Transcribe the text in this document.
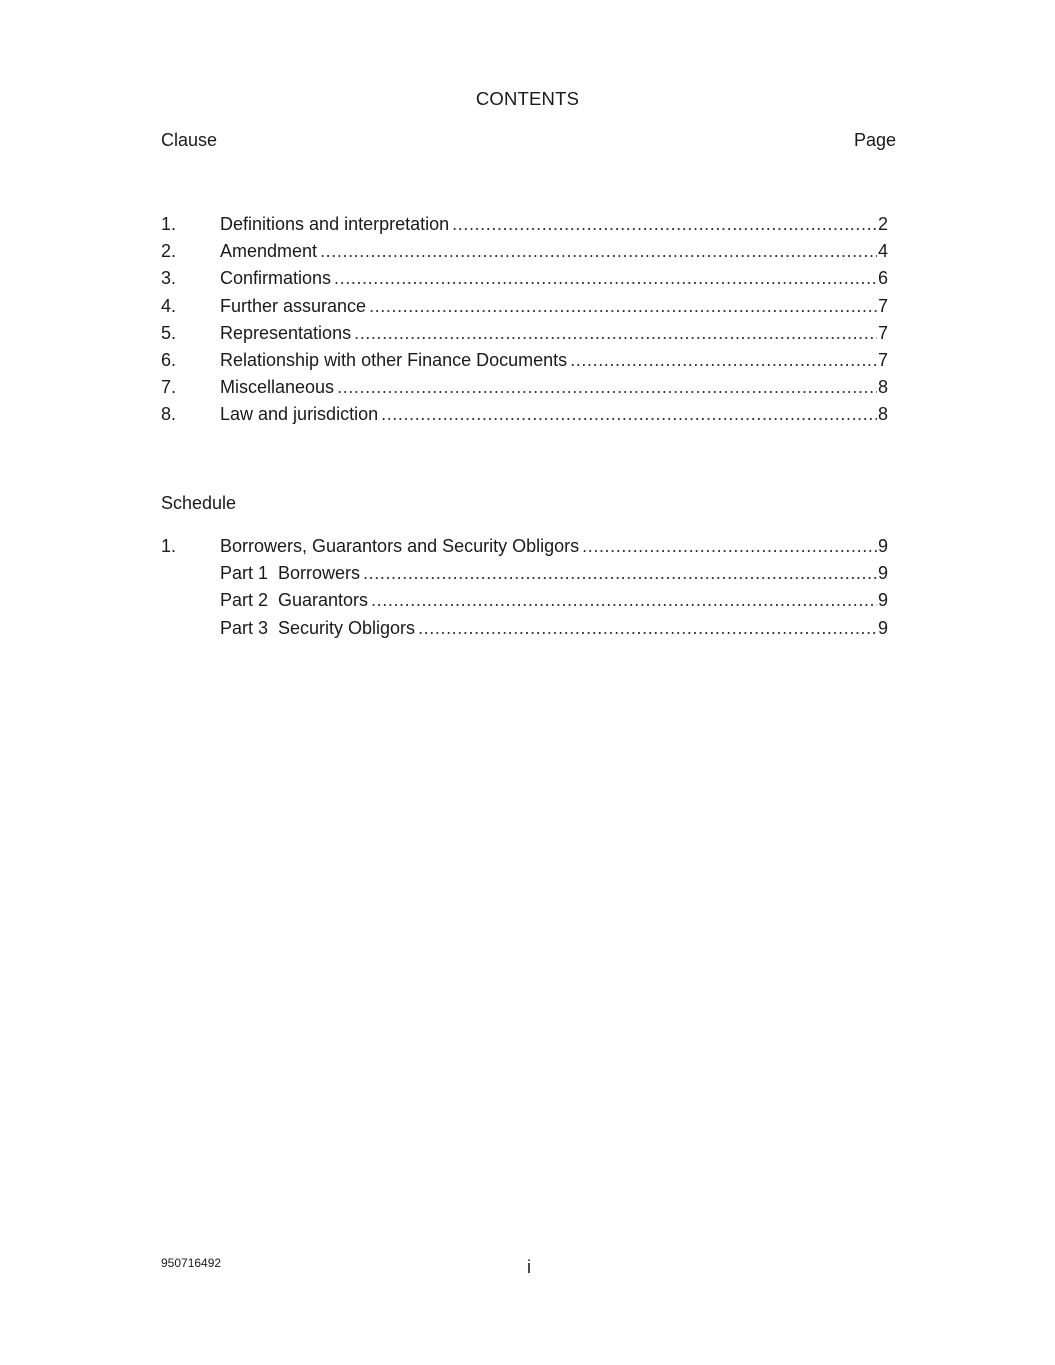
CONTENTS
Clause	Page
1. Definitions and interpretation .....	2
2. Amendment .....	4
3. Confirmations .....	6
4. Further assurance .....	7
5. Representations .....	7
6. Relationship with other Finance Documents .....	7
7. Miscellaneous .....	8
8. Law and jurisdiction .....	8
Schedule
1. Borrowers, Guarantors and Security Obligors .....	9
Part 1 Borrowers .....	9
Part 2 Guarantors .....	9
Part 3 Security Obligors .....	9
950716492	i
